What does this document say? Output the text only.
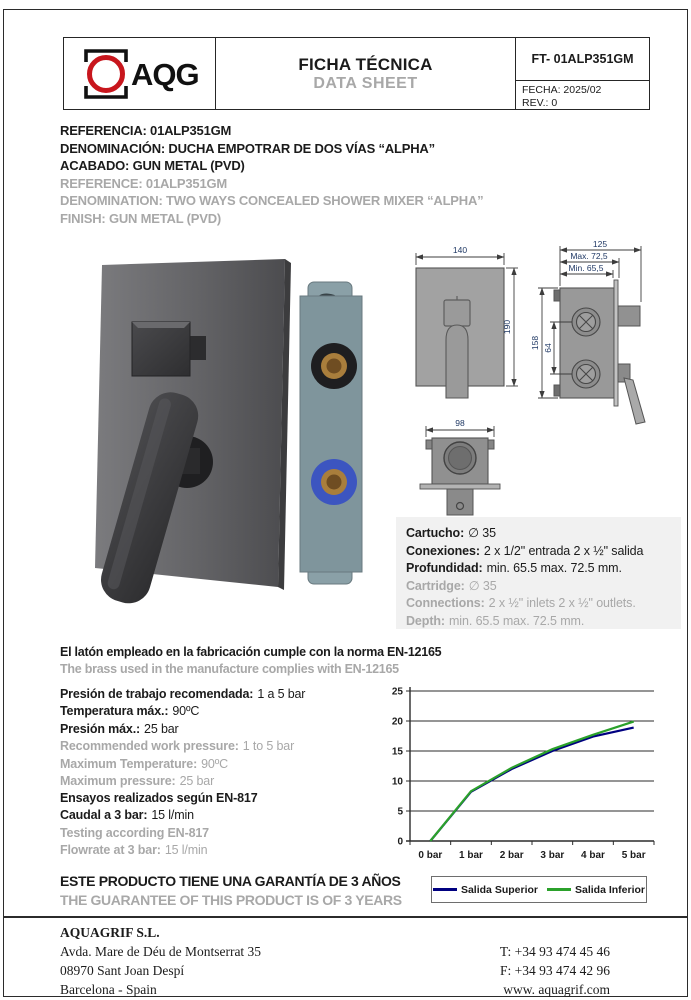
AQG	FICHA TÉCNICA
DATA SHEET
FT- 01ALP351GM
FECHA: 2025/02
REV.: 0
REFERENCIA: 01ALP351GM
DENOMINACIÓN: DUCHA EMPOTRAR DE DOS VÍAS “ALPHA”
ACABADO: GUN METAL (PVD)
REFERENCE: 01ALP351GM
DENOMINATION: TWO WAYS CONCEALED SHOWER MIXER “ALPHA”
FINISH: GUN METAL (PVD)
140
190
125
Max. 72,5
Min. 65,5
158 64
98
Cartucho: ∅ 35
Conexiones: 2 x 1/2" entrada 2 x ½" salida
Profundidad: min. 65.5 max. 72.5 mm.
Cartridge: ∅ 35
Connections: 2 x ½" inlets 2 x ½" outlets.
Depth: min. 65.5 max. 72.5 mm.
El latón empleado en la fabricación cumple con la norma EN-12165
The brass used in the manufacture complies with EN-12165
Presión de trabajo recomendada: 1 a 5 bar
Temperatura máx.: 90ºC
Presión máx.: 25 bar
Recommended work pressure: 1 to 5 bar
Maximum Temperature: 90ºC
Maximum pressure: 25 bar
Ensayos realizados según EN-817
Caudal a 3 bar: 15 l/min
Testing according EN-817
Flowrate at 3 bar: 15 l/min
0
5
10
15
20
25
0 bar 1 bar 2 bar 3 bar 4 bar 5 bar
Salida Superior	Salida Inferior
ESTE PRODUCTO TIENE UNA GARANTÍA DE 3 AÑOS
THE GUARANTEE OF THIS PRODUCT IS OF 3 YEARS
AQUAGRIF S.L.
Avda. Mare de Déu de Montserrat 35
08970 Sant Joan Despí
Barcelona - Spain
T: +34 93 474 45 46
F: +34 93 474 42 96
www. aquagrif.com
